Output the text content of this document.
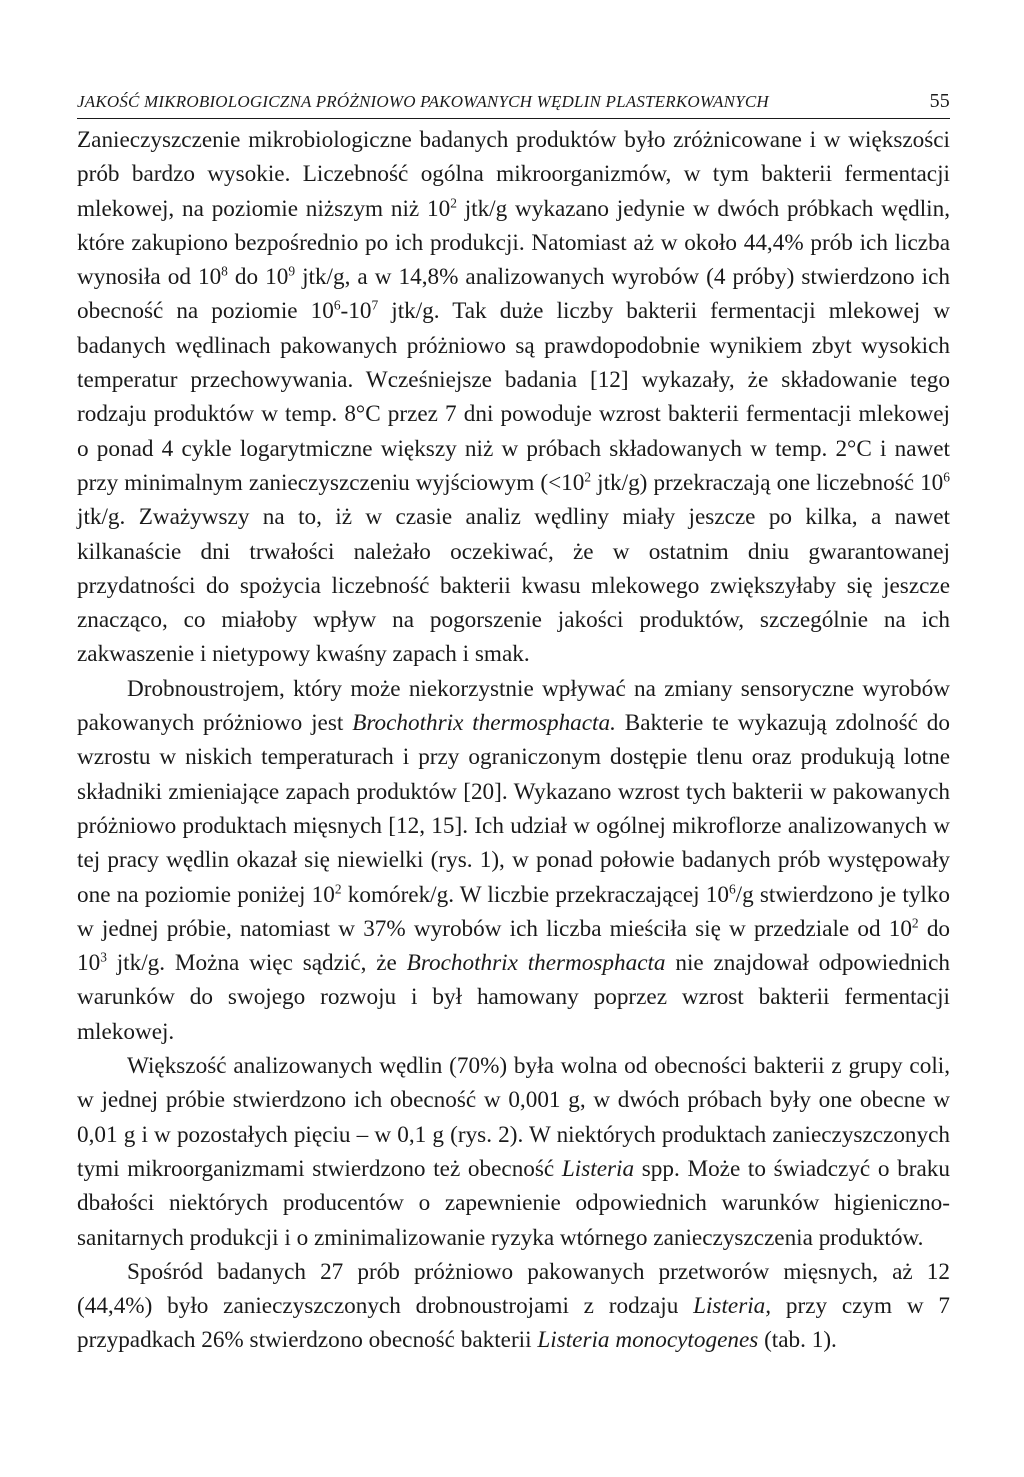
JAKOŚĆ MIKROBIOLOGICZNA PRÓŻNIOWO PAKOWANYCH WĘDLIN PLASTERKOWANYCH	55

Zanieczyszczenie mikrobiologiczne badanych produktów było zróżnicowane i w większości prób bardzo wysokie. Liczebność ogólna mikroorganizmów, w tym bakterii fermentacji mlekowej, na poziomie niższym niż $10^2$ jtk/g wykazano jedynie w dwóch próbkach wędlin, które zakupiono bezpośrednio po ich produkcji. Natomiast aż w około 44,4% prób ich liczba wynosiła od $10^8$ do $10^9$ jtk/g, a w 14,8% analizowanych wyrobów (4 próby) stwierdzono ich obecność na poziomie $10^6-10^7$ jtk/g. Tak duże liczby bakterii fermentacji mlekowej w badanych wędlinach pakowanych próżniowo są prawdopodobnie wynikiem zbyt wysokich temperatur przechowywania. Wcześniejsze badania [12] wykazały, że składowanie tego rodzaju produktów w temp. 8°C przez 7 dni powoduje wzrost bakterii fermentacji mlekowej o ponad 4 cykle logarytmiczne większy niż w próbach składowanych w temp. 2°C i nawet przy minimalnym zanieczyszczeniu wyjściowym ($<10^2$ jtk/g) przekraczają one liczebność $10^6$ jtk/g. Zważywszy na to, iż w czasie analiz wędliny miały jeszcze po kilka, a nawet kilkanaście dni trwałości należało oczekiwać, że w ostatnim dniu gwarantowanej przydatności do spożycia liczebność bakterii kwasu mlekowego zwiększyłaby się jeszcze znacząco, co miałoby wpływ na pogorszenie jakości produktów, szczególnie na ich zakwaszenie i nietypowy kwaśny zapach i smak.

Drobnoustrojem, który może niekorzystnie wpływać na zmiany sensoryczne wyrobów pakowanych próżniowo jest Brochothrix thermosphacta. Bakterie te wykazują zdolność do wzrostu w niskich temperaturach i przy ograniczonym dostępie tlenu oraz produkują lotne składniki zmieniające zapach produktów [20]. Wykazano wzrost tych bakterii w pakowanych próżniowo produktach mięsnych [12, 15]. Ich udział w ogólnej mikroflorze analizowanych w tej pracy wędlin okazał się niewielki (rys. 1), w ponad połowie badanych prób występowały one na poziomie poniżej $10^2$ komórek/g. W liczbie przekraczającej $10^6/g$ stwierdzono je tylko w jednej próbie, natomiast w 37% wyrobów ich liczba mieściła się w przedziale od $10^2$ do $10^3$ jtk/g. Można więc sądzić, że Brochothrix thermosphacta nie znajdował odpowiednich warunków do swojego rozwoju i był hamowany poprzez wzrost bakterii fermentacji mlekowej.

Większość analizowanych wędlin (70%) była wolna od obecności bakterii z grupy coli, w jednej próbie stwierdzono ich obecność w 0,001 g, w dwóch próbach były one obecne w 0,01 g i w pozostałych pięciu – w 0,1 g (rys. 2). W niektórych produktach zanieczyszczonych tymi mikroorganizmami stwierdzono też obecność Listeria spp. Może to świadczyć o braku dbałości niektórych producentów o zapewnienie odpowiednich warunków higieniczno-sanitarnych produkcji i o zminimalizowanie ryzyka wtórnego zanieczyszczenia produktów.

Spośród badanych 27 prób próżniowo pakowanych przetworów mięsnych, aż 12 (44,4%) było zanieczyszczonych drobnoustrojami z rodzaju Listeria, przy czym w 7 przypadkach 26% stwierdzono obecność bakterii Listeria monocytogenes (tab. 1).
